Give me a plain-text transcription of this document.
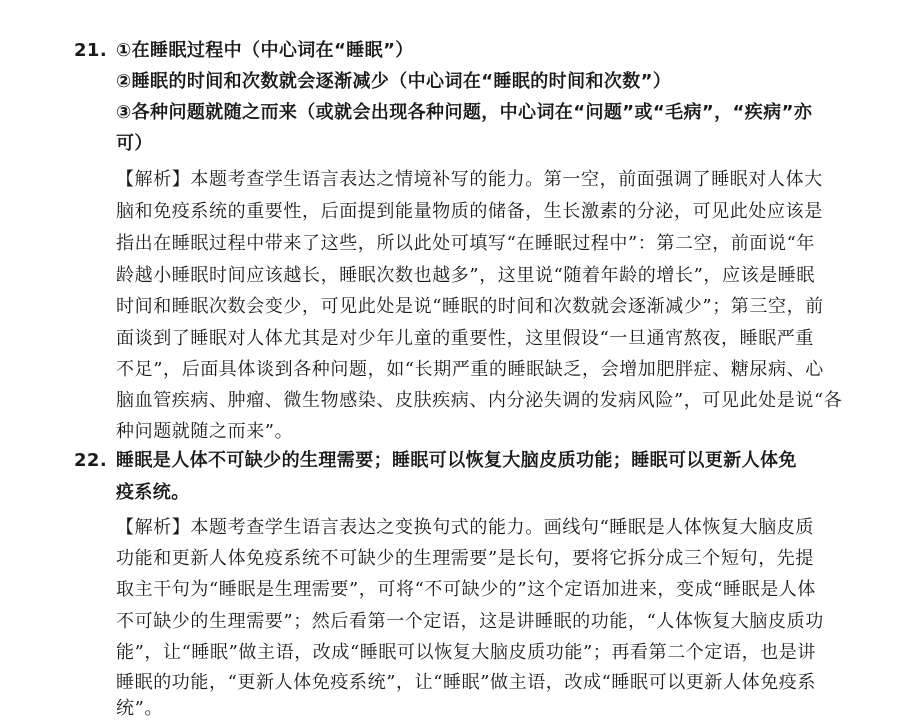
21. ①在睡眠过程中（中心词在“睡眠”）
②睡眠的时间和次数就会逐渐减少（中心词在“睡眠的时间和次数”）
③各种问题就随之而来（或就会出现各种问题，中心词在“问题”或“毛病”，“疾病”亦
可）
【解析】本题考查学生语言表达之情境补写的能力。第一空，前面强调了睡眠对人体大
脑和免疫系统的重要性，后面提到能量物质的储备，生长激素的分泌，可见此处应该是
指出在睡眠过程中带来了这些，所以此处可填写“在睡眠过程中”：第二空，前面说“年
龄越小睡眠时间应该越长，睡眠次数也越多”，这里说“随着年龄的增长”，应该是睡眠
时间和睡眠次数会变少，可见此处是说“睡眠的时间和次数就会逐渐减少”；第三空，前
面谈到了睡眠对人体尤其是对少年儿童的重要性，这里假设“一旦通宵熬夜，睡眠严重
不足”，后面具体谈到各种问题，如“长期严重的睡眠缺乏，会增加肥胖症、糖尿病、心
脑血管疾病、肿瘤、微生物感染、皮肤疾病、内分泌失调的发病风险”，可见此处是说“各
种问题就随之而来”。
22. 睡眠是人体不可缺少的生理需要；睡眠可以恢复大脑皮质功能；睡眠可以更新人体免
疫系统。
【解析】本题考查学生语言表达之变换句式的能力。画线句“睡眠是人体恢复大脑皮质
功能和更新人体免疫系统不可缺少的生理需要”是长句，要将它拆分成三个短句，先提
取主干句为“睡眠是生理需要”，可将“不可缺少的”这个定语加进来，变成“睡眠是人体
不可缺少的生理需要”；然后看第一个定语，这是讲睡眠的功能，“人体恢复大脑皮质功
能”，让“睡眠”做主语，改成“睡眠可以恢复大脑皮质功能”；再看第二个定语，也是讲
睡眠的功能，“更新人体免疫系统”，让“睡眠”做主语，改成“睡眠可以更新人体免疫系
统”。
